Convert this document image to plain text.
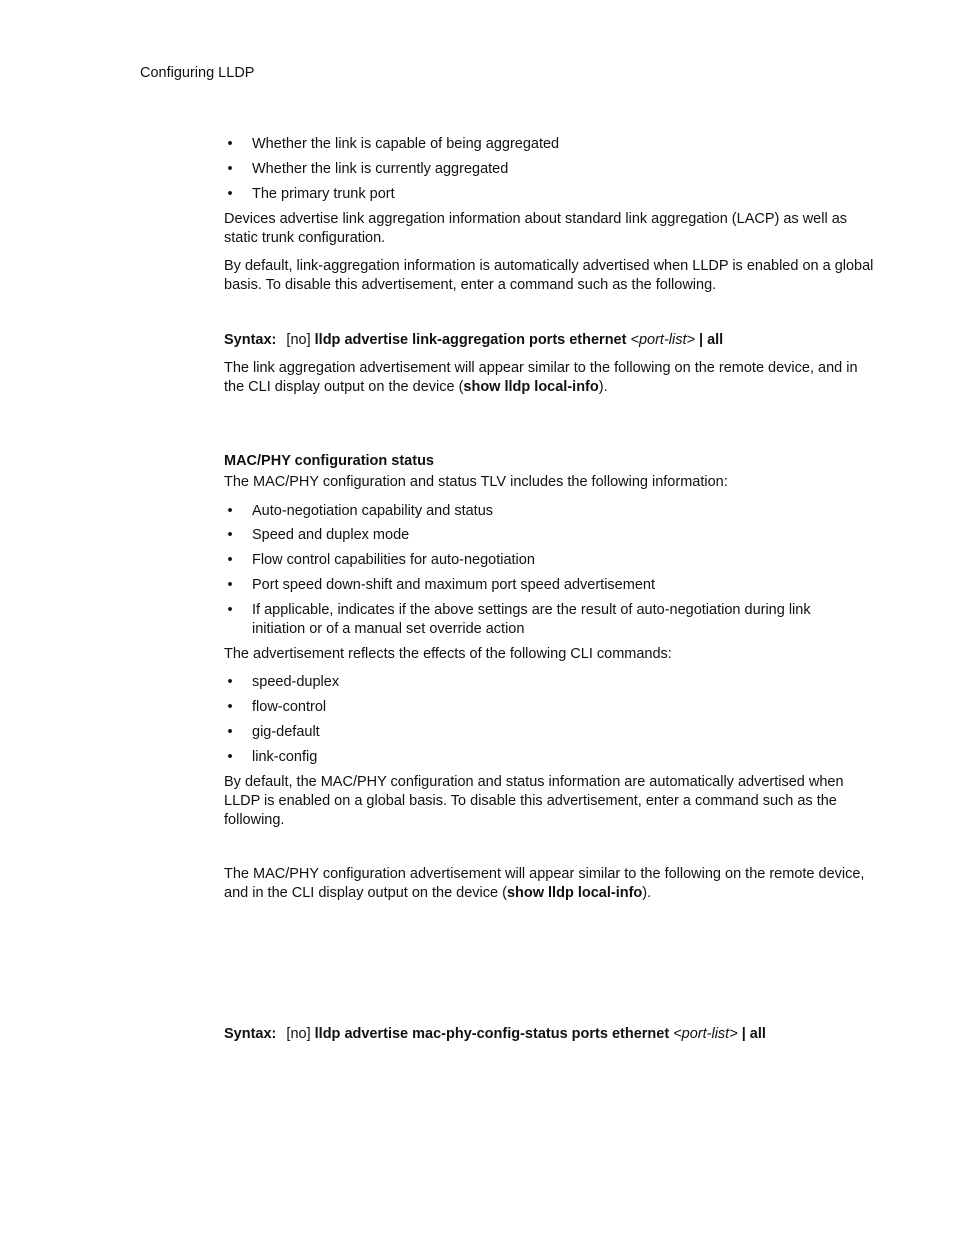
Configuring LLDP
• Whether the link is capable of being aggregated
• Whether the link is currently aggregated
• The primary trunk port

Devices advertise link aggregation information about standard link aggregation (LACP) as well as static trunk configuration.

By default, link-aggregation information is automatically advertised when LLDP is enabled on a global basis. To disable this advertisement, enter a command such as the following.

Syntax: [no] lldp advertise link-aggregation ports ethernet <port-list> | all

The link aggregation advertisement will appear similar to the following on the remote device, and in the CLI display output on the device (show lldp local-info).

MAC/PHY configuration status

The MAC/PHY configuration and status TLV includes the following information:

• Auto-negotiation capability and status
• Speed and duplex mode
• Flow control capabilities for auto-negotiation
• Port speed down-shift and maximum port speed advertisement
• If applicable, indicates if the above settings are the result of auto-negotiation during link initiation or of a manual set override action

The advertisement reflects the effects of the following CLI commands:

• speed-duplex
• flow-control
• gig-default
• link-config

By default, the MAC/PHY configuration and status information are automatically advertised when LLDP is enabled on a global basis. To disable this advertisement, enter a command such as the following.

The MAC/PHY configuration advertisement will appear similar to the following on the remote device, and in the CLI display output on the device (show lldp local-info).

Syntax: [no] lldp advertise mac-phy-config-status ports ethernet <port-list> | all
